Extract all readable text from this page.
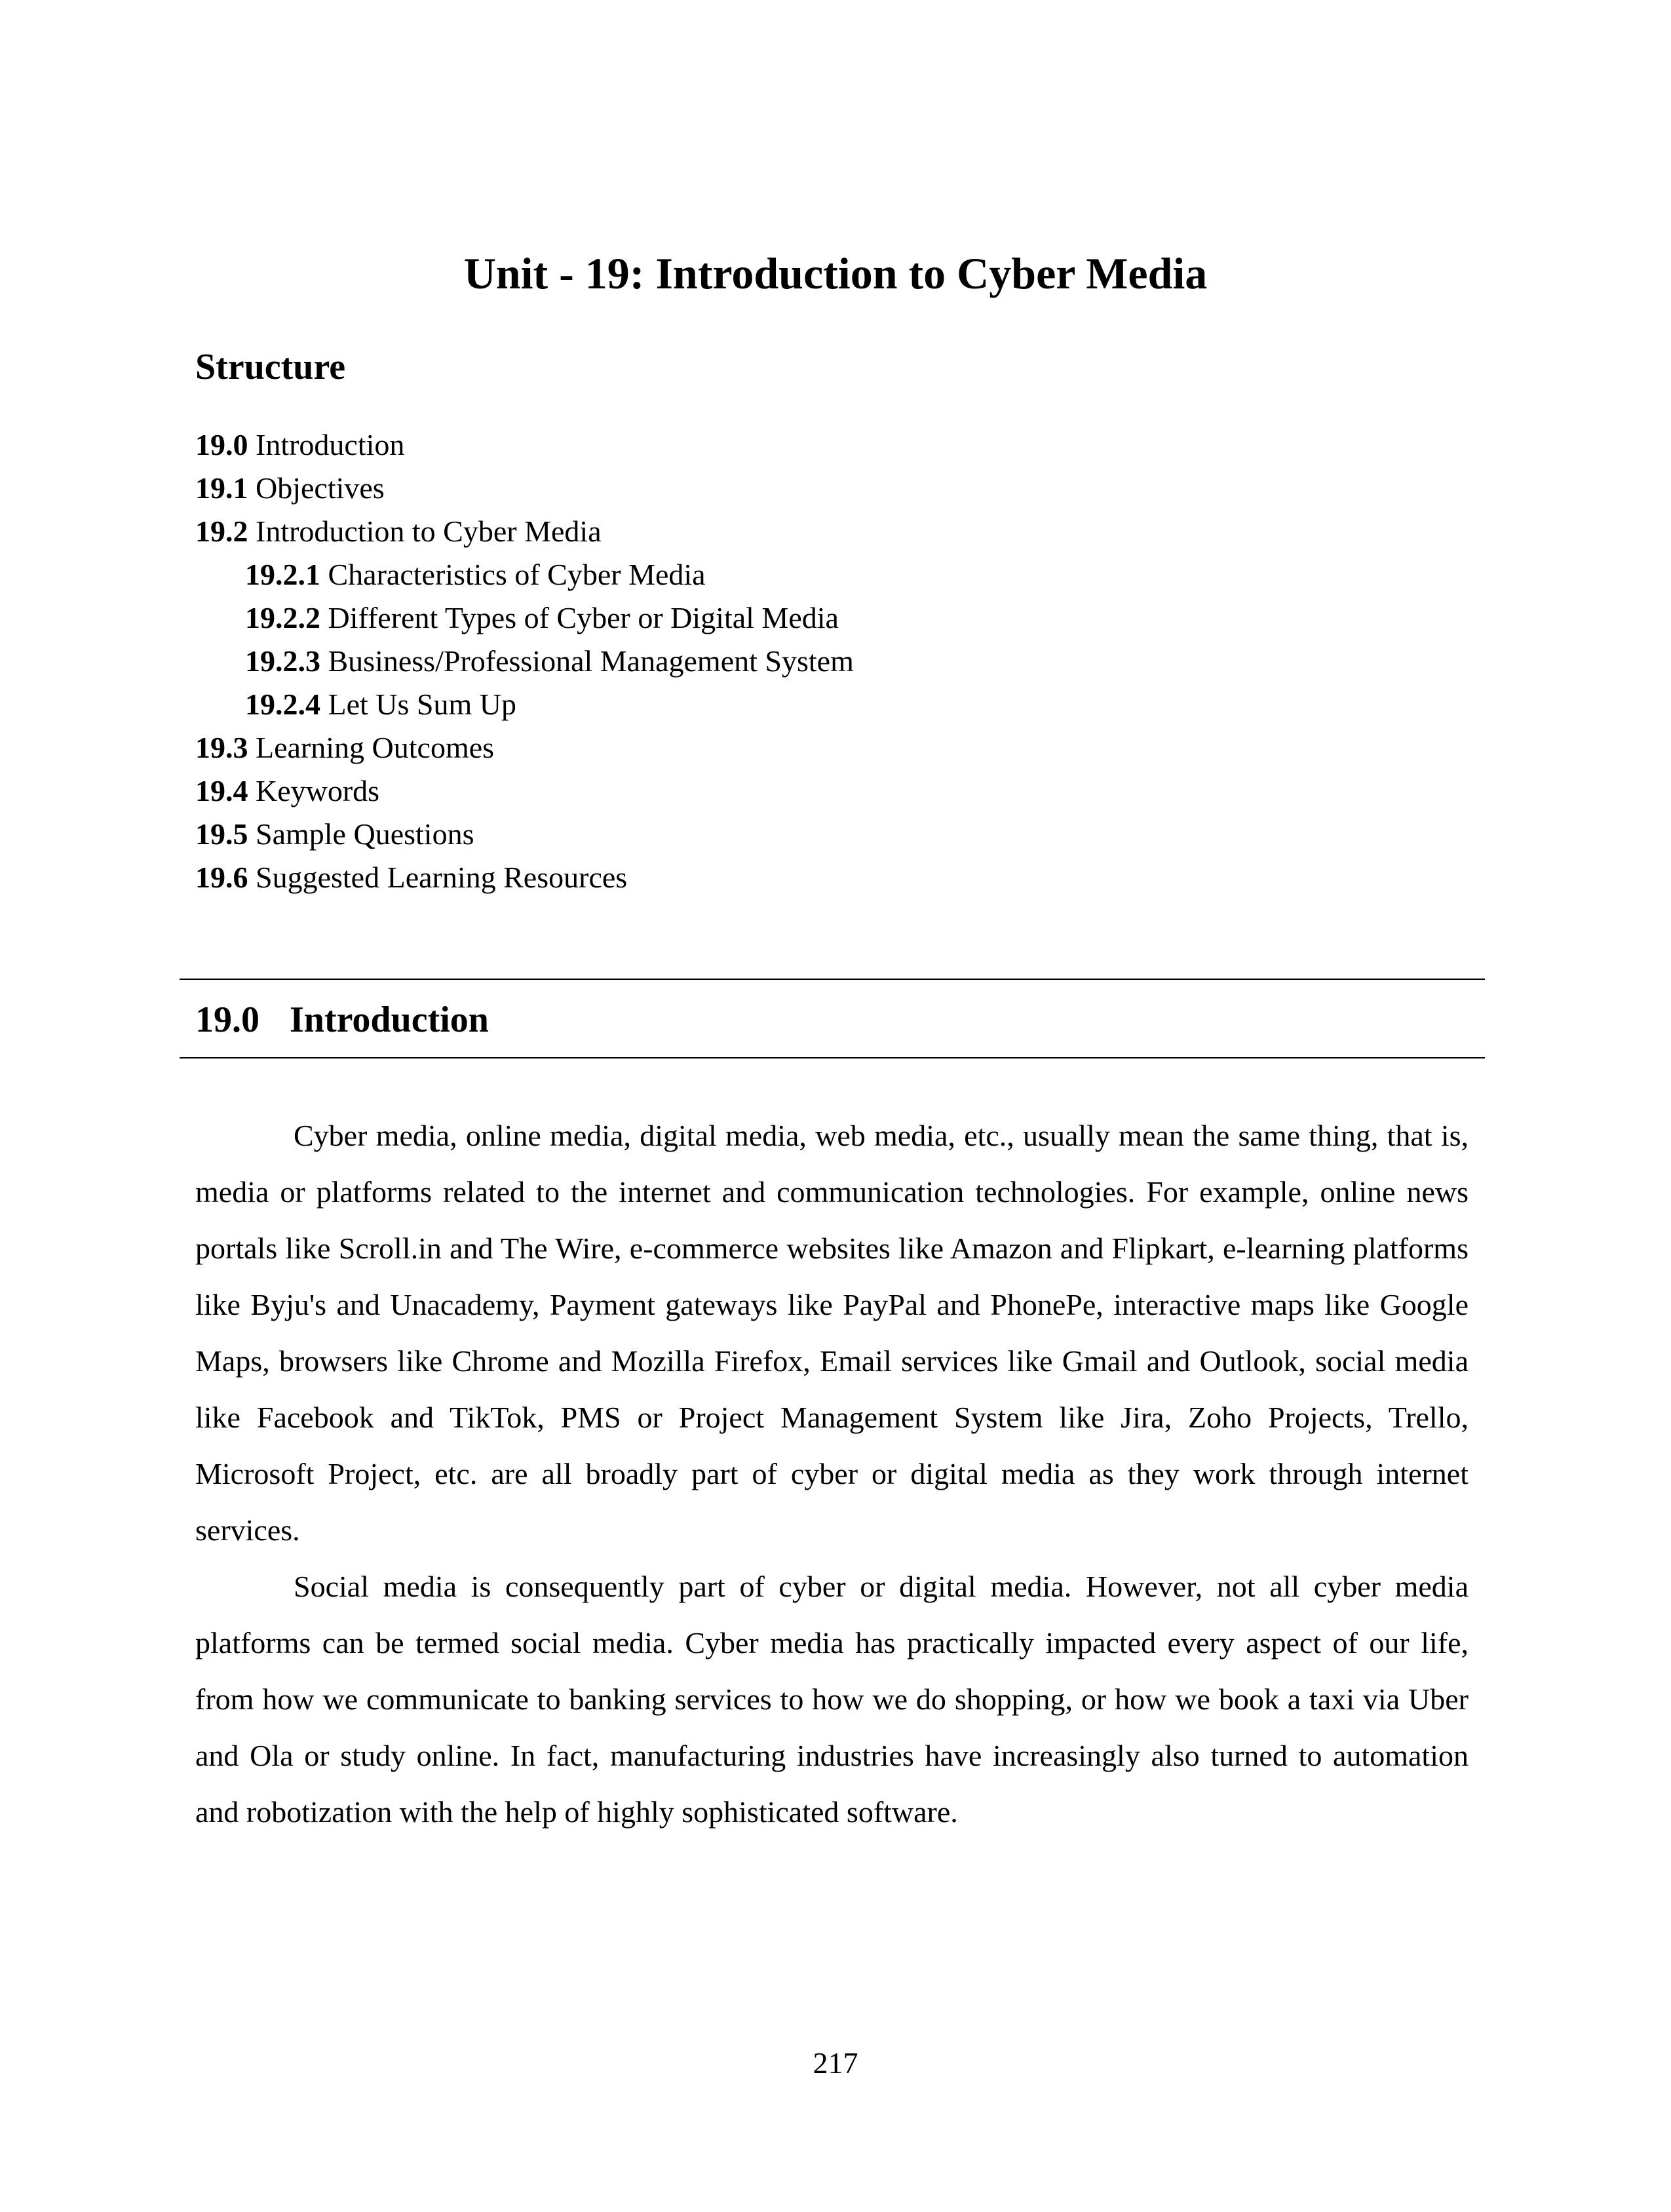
Unit - 19: Introduction to Cyber Media
Structure
19.0 Introduction
19.1 Objectives
19.2 Introduction to Cyber Media
19.2.1 Characteristics of Cyber Media
19.2.2 Different Types of Cyber or Digital Media
19.2.3 Business/Professional Management System
19.2.4 Let Us Sum Up
19.3 Learning Outcomes
19.4 Keywords
19.5 Sample Questions
19.6 Suggested Learning Resources
19.0 Introduction

Cyber media, online media, digital media, web media, etc., usually mean the same thing, that is, media or platforms related to the internet and communication technologies. For example, online news portals like Scroll.in and The Wire, e-commerce websites like Amazon and Flipkart, e-learning platforms like Byju's and Unacademy, Payment gateways like PayPal and PhonePe, interactive maps like Google Maps, browsers like Chrome and Mozilla Firefox, Email services like Gmail and Outlook, social media like Facebook and TikTok, PMS or Project Management System like Jira, Zoho Projects, Trello, Microsoft Project, etc. are all broadly part of cyber or digital media as they work through internet services.

Social media is consequently part of cyber or digital media. However, not all cyber media platforms can be termed social media. Cyber media has practically impacted every aspect of our life, from how we communicate to banking services to how we do shopping, or how we book a taxi via Uber and Ola or study online. In fact, manufacturing industries have increasingly also turned to automation and robotization with the help of highly sophisticated software.

217
